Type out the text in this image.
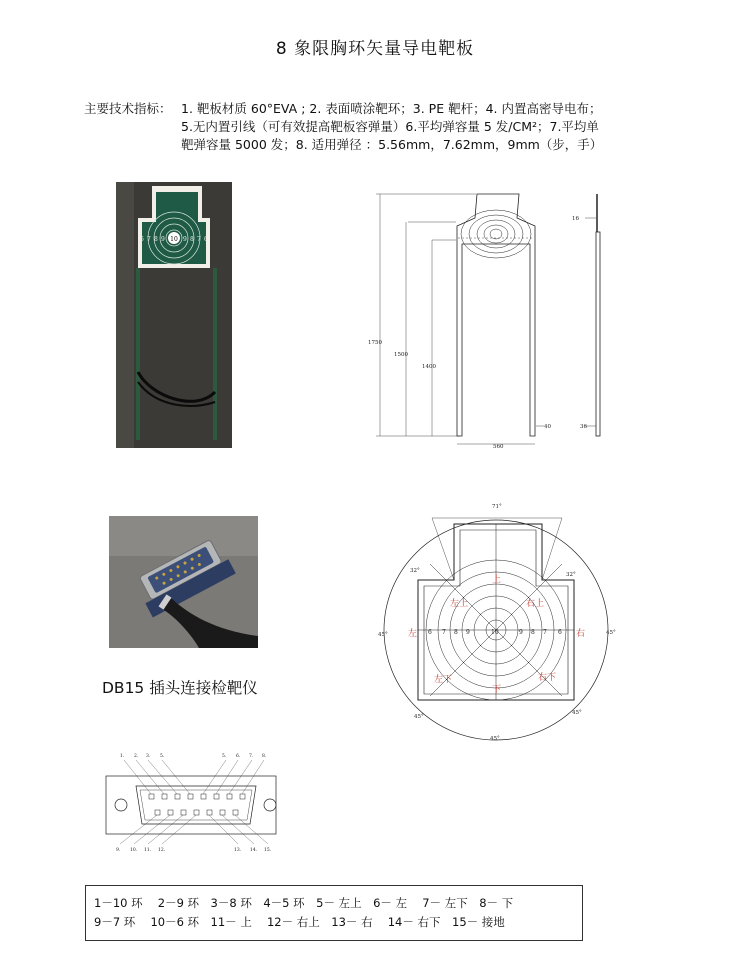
8 象限胸环矢量导电靶板
主要技术指标： 1. 靶板材质 60°EVA ; 2. 表面喷涂靶环；3. PE 靶杆；4. 内置高密导电布；
5.无内置引线（可有效提高靶板容弹量）6.平均弹容量 5 发/CM²；7.平均单
靶弹容量 5000 发；8. 适用弹径 ：5.56mm，7.62mm，9mm（步，手）
10
6 7 8 9	9 8 7 6
1750
1500
1400
560
40
16
36
71°
32°
32°
45°	45°
45°
45°
45°
6 7 8 9	10	9 8 7 6
上
左上	右上
左	右
左下	右下
下
DB15 插头连接检靶仪
1. 2. 3. 5.	5. 6. 7. 8.
9. 10. 11. 12.	13. 14. 15.
1－10 环　 2－9 环　3－8 环　4－5 环　5－ 左上　6－ 左　 7－ 左下　8－ 下
9－7 环　 10－6 环　11－ 上　 12－ 右上　13－ 右　 14－ 右下　15－ 接地
